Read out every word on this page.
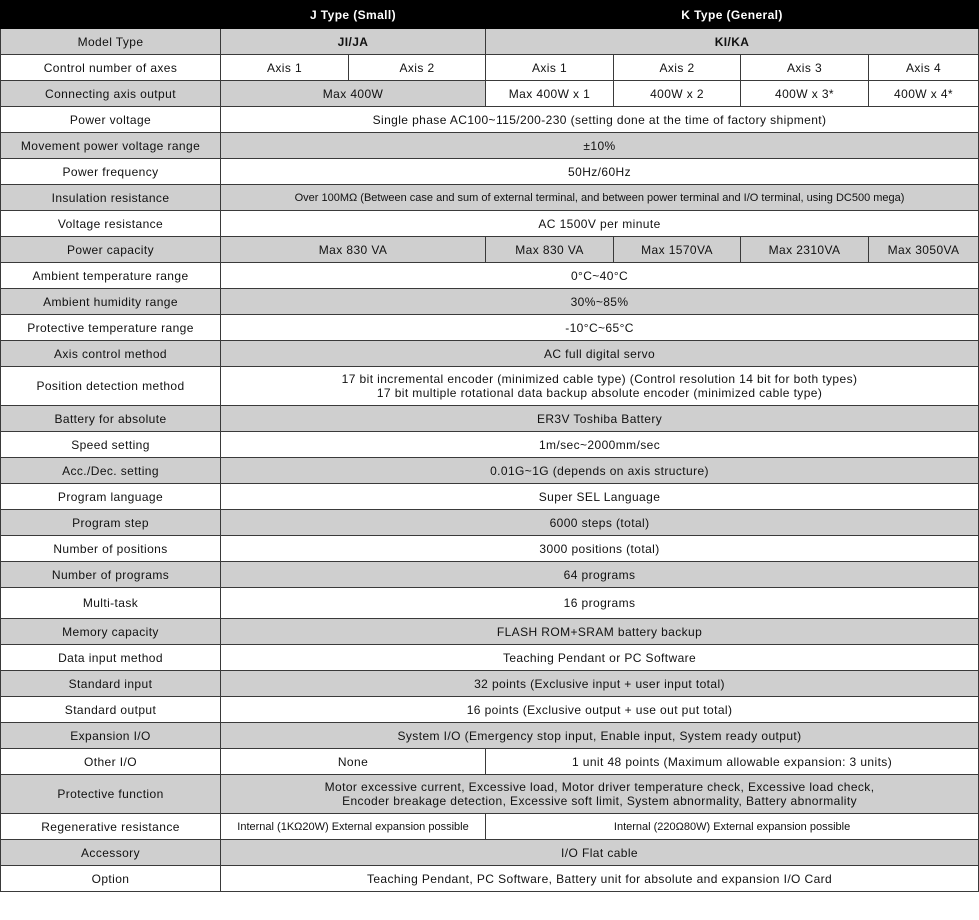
	J Type (Small)		K Type (General)			
Model Type	JI/JA		KI/KA			
Control number of axes	Axis 1	Axis 2	Axis 1	Axis 2	Axis 3	Axis 4
Connecting axis output	Max 400W		Max 400W x 1	400W x 2	400W x 3*	400W x 4*
Power voltage	Single phase AC100~115/200-230 (setting done at the time of factory shipment)					
Movement power voltage range	±10%					
Power frequency	50Hz/60Hz					
Insulation resistance	Over 100MΩ (Between case and sum of external terminal, and between power terminal and I/O terminal, using DC500 mega)					
Voltage resistance	AC 1500V per minute					
Power capacity	Max 830 VA		Max 830 VA	Max 1570VA	Max 2310VA	Max 3050VA
Ambient temperature range	0°C~40°C					
Ambient humidity range	30%~85%					
Protective temperature range	-10°C~65°C					
Axis control method	AC full digital servo					
Position detection method	17 bit incremental encoder (minimized cable type) (Control resolution 14 bit for both types)
17 bit multiple rotational data backup absolute encoder (minimized cable type)					

Battery for absolute	ER3V Toshiba Battery					
Speed setting	1m/sec~2000mm/sec					
Acc./Dec. setting	0.01G~1G (depends on axis structure)					
Program language	Super SEL Language					
Program step	6000 steps (total)					
Number of positions	3000 positions (total)					
Number of programs	64 programs					
Multi-task	16 programs					
Memory capacity	FLASH ROM+SRAM battery backup					
Data input method	Teaching Pendant or PC Software					
Standard input	32 points (Exclusive input + user input total)					
Standard output	16 points (Exclusive output + use out put total)					
Expansion I/O	System I/O (Emergency stop input, Enable input, System ready output)					
Other I/O	None		1 unit 48 points (Maximum allowable expansion: 3 units)			
Protective function	Motor excessive current, Excessive load, Motor driver temperature check, Excessive load check,
Encoder breakage detection, Excessive soft limit, System abnormality, Battery abnormality					

Regenerative resistance	Internal (1KΩ20W) External expansion possible		Internal (220Ω80W) External expansion possible			
Accessory	I/O Flat cable					
Option	Teaching Pendant, PC Software, Battery unit for absolute and expansion I/O Card					
